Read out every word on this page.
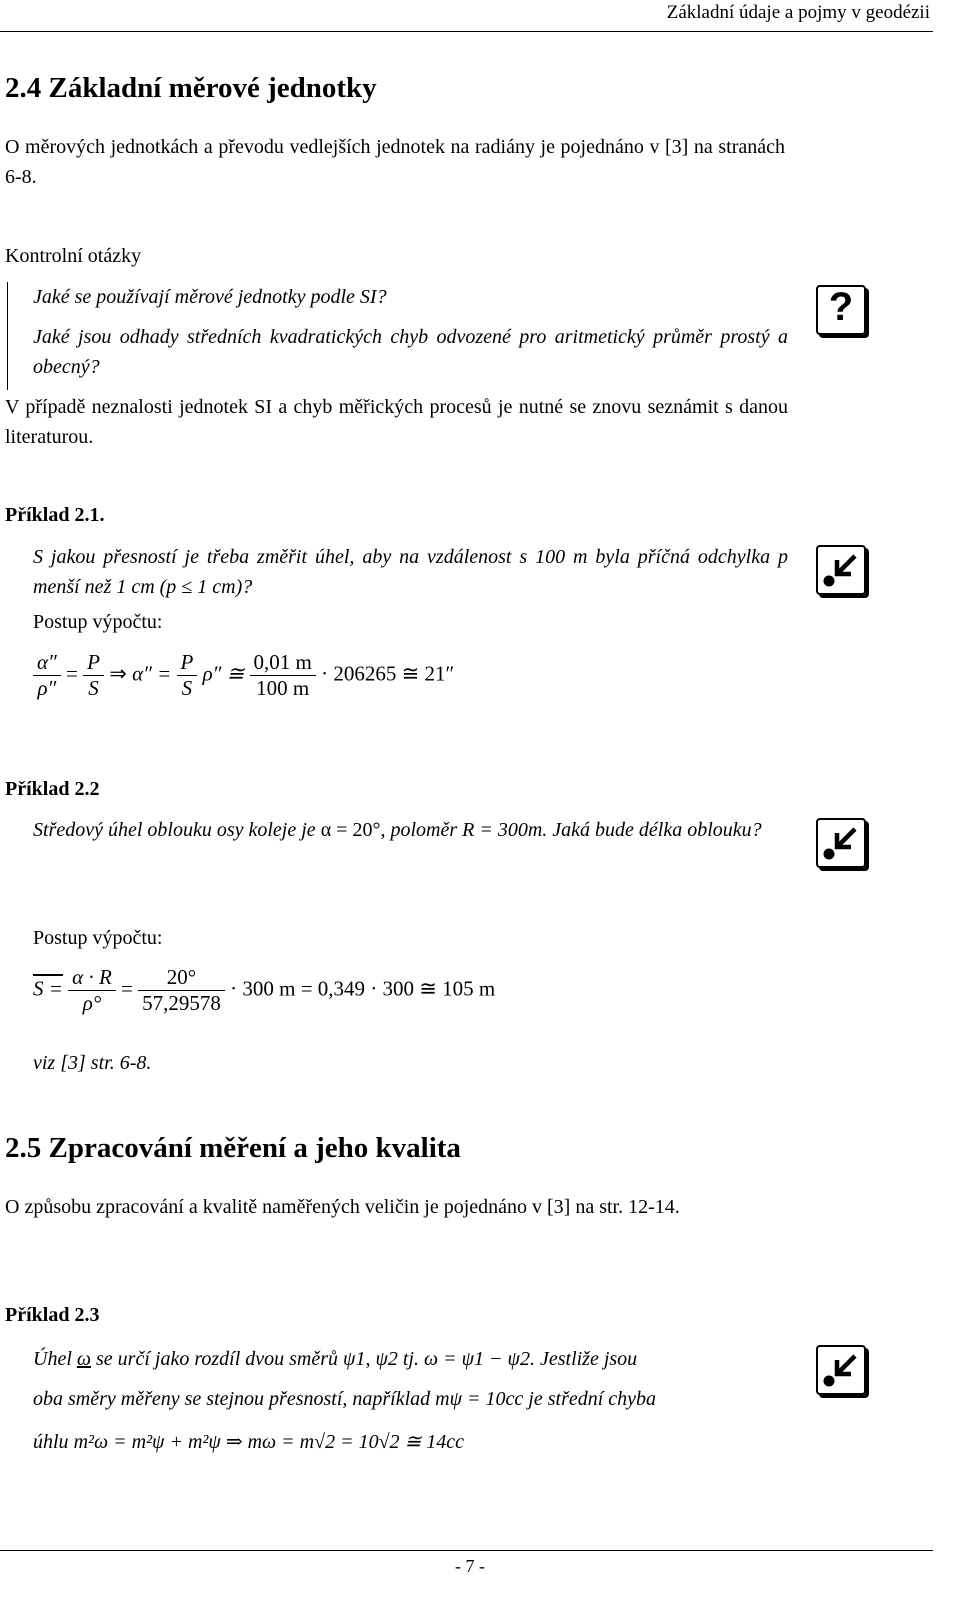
Základní údaje a pojmy v geodézii
2.4 Základní měrové jednotky
O měrových jednotkách a převodu vedlejších jednotek na radiány je pojednáno v [3] na stranách 6-8.
Kontrolní otázky
Jaké se používají měrové jednotky podle SI?
Jaké jsou odhady středních kvadratických chyb odvozené pro aritmetický průměr prostý a obecný?
V případě neznalosti jednotek SI a chyb měřických procesů je nutné se znovu seznámit s danou literaturou.
?
Příklad 2.1.
S jakou přesností je třeba změřit úhel, aby na vzdálenost s 100 m byla příčná odchylka p menší než 1 cm (p ≤ 1 cm)?
Postup výpočtu:
$\frac{\alpha''}{\rho''} = \frac{P}{S}$ ⇒ $\alpha'' = \frac{P}{S} \rho''$ ≅ $\frac{0,01 m}{100 m} \cdot 206265$ ≅ 21″
Příklad 2.2
Středový úhel oblouku osy koleje je α = 20°, poloměr R = 300m. Jaká bude délka oblouku?
Postup výpočtu:
$S = \frac{\alpha \cdot R}{\rho^\circ} = \frac{20^\circ}{57,29578} \cdot 300$ m = 0,349 · 300 ≅ 105 m
viz [3] str. 6-8.
2.5 Zpracování měření a jeho kvalita
O způsobu zpracování a kvalitě naměřených veličin je pojednáno v [3] na str. 12-14.
Příklad 2.3
Úhel ω se určí jako rozdíl dvou směrů ψ1, ψ2 tj. ω = ψ1 − ψ2. Jestliže jsou
oba směry měřeny se stejnou přesností, například mψ = 10cc je střední chyba
úhlu m²ω = m²ψ + m²ψ ⇒ mω = m√2 = 10√2 ≅ 14cc
- 7 -
